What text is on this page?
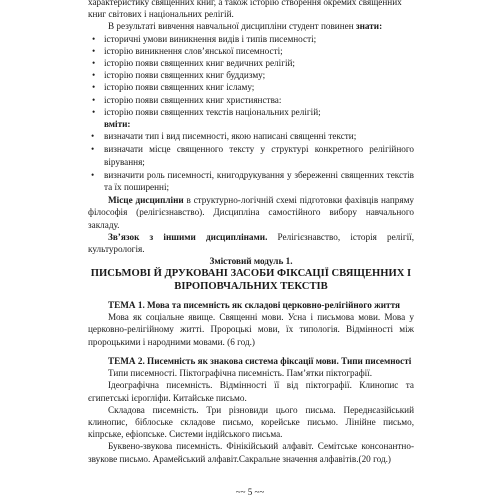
характеристику священних книг, а також історію створення окремих священних

книг світових і національних релігій.

В результаті вивчення навчальної дисципліни студент повинен знати:

• історичні умови виникнення видів і типів писемності;

• історію виникнення слов’янської писемності;

• історію появи священних книг ведичних релігій;

• історію появи священних книг буддизму;

• історію появи священних книг ісламу;

• історію появи священних книг християнства:

• історію появи священних текстів національних релігій;

вміти:

• визначати тип і вид писемності, якою написані священні тексти;

• визначати місце священного тексту у структурі конкретного релігійного вірування;

• визначити роль писемності, книгодрукування у збереженні священних текстів та їх поширенні;

Місце дисципліни в структурно-логічній схемі підготовки фахівців напряму філософія (релігієзнавство). Дисципліна самостійного вибору навчального закладу.

Зв’язок з іншими дисциплінами. Релігієзнавство, історія релігії, культурологія.

Змістовий модуль 1.

ПИСЬМОВІ Й ДРУКОВАНІ ЗАСОБИ ФІКСАЦІЇ СВЯЩЕННИХ І

ВІРОПОВЧАЛЬНИХ ТЕКСТІВ

ТЕМА 1. Мова та писемність як складові церковно-релігійного життя

Мова як соціальне явище. Священні мови. Усна і письмова мови. Мова у церковно-релігійному житті. Пророцькі мови, їх типологія. Відмінності між пророцькими і народними мовами. (6 год.)

ТЕМА 2. Писемність як знакова система фіксації мови. Типи писемності

Типи писемності. Піктографічна писемність. Пам’ятки піктографії.

Ідеографічна писемність. Відмінності її від піктографії. Клинопис та єгипетські ієрогліфи. Китайське письмо.

Складова писемність. Три різновиди цього письма. Переднєазійський клинопис, біблоське складове письмо, корейське письмо. Лінійне письмо, кіпрське, ефіопське. Системи індійського письма.

Буквено-звукова писемність. Фінікійський алфавіт. Семітське консонантно-звукове письмо. Арамейський алфавіт.Сакральне значення алфавітів.(20 год.)

~~ 5 ~~
